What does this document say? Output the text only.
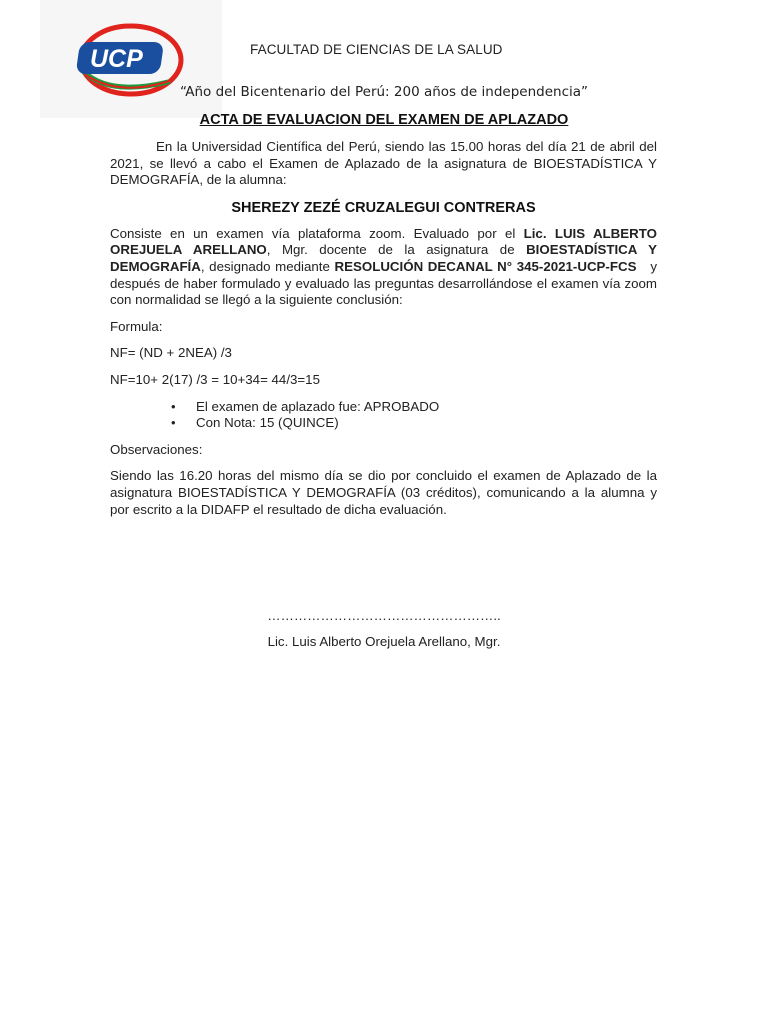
UCP	FACULTAD DE CIENCIAS DE LA SALUD
“Año del Bicentenario del Perú: 200 años de independencia”
ACTA DE EVALUACION DEL EXAMEN DE APLAZADO

En la Universidad Científica del Perú, siendo las 15.00 horas del día 21 de abril del 2021, se llevó a cabo el Examen de Aplazado de la asignatura de BIOESTADÍSTICA Y DEMOGRAFÍA, de la alumna:

SHEREZY ZEZÉ CRUZALEGUI CONTRERAS

Consiste en un examen vía plataforma zoom. Evaluado por el Lic. LUIS ALBERTO OREJUELA ARELLANO, Mgr. docente de la asignatura de BIOESTADÍSTICA Y DEMOGRAFÍA, designado mediante RESOLUCIÓN DECANAL N° 345-2021-UCP-FCS   y después de haber formulado y evaluado las preguntas desarrollándose el examen vía zoom con normalidad se llegó a la siguiente conclusión:

Formula:

NF= (ND + 2NEA) /3

NF=10+ 2(17) /3 = 10+34= 44/3=15

• El examen de aplazado fue: APROBADO
• Con Nota: 15 (QUINCE)

Observaciones:

Siendo las 16.20 horas del mismo día se dio por concluido el examen de Aplazado de la asignatura BIOESTADÍSTICA Y DEMOGRAFÍA (03 créditos), comunicando a la alumna y por escrito a la DIDAFP el resultado de dicha evaluación.

……………………………………………..
Lic. Luis Alberto Orejuela Arellano, Mgr.
